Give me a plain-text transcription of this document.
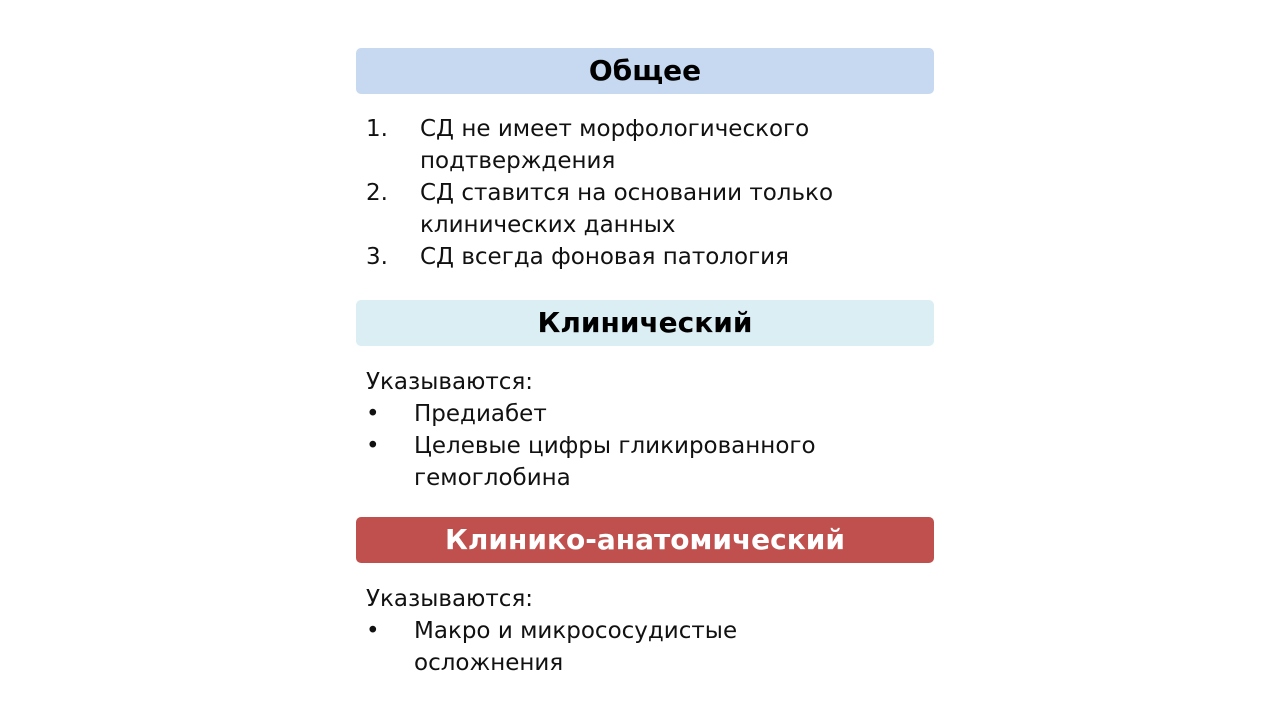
Общее
1.	СД не имеет морфологического подтверждения
2.	СД ставится на основании только клинических данных
3.	СД всегда фоновая патология
Клинический
Указываются:
•	Предиабет
•	Целевые цифры гликированного гемоглобина
Клинико-анатомический
Указываются:
•	Макро и микрососудистые осложнения
